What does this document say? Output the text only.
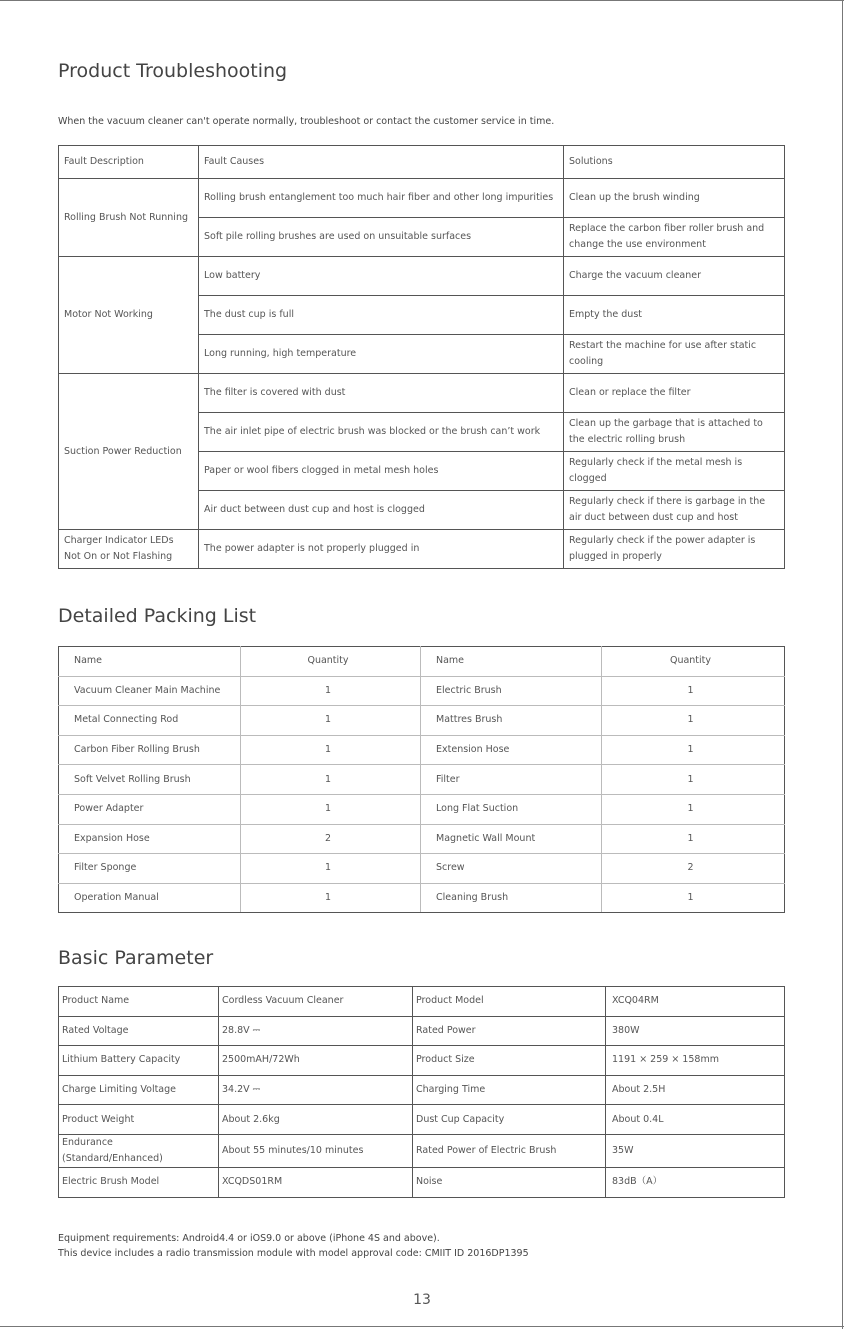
Product Troubleshooting
When the vacuum cleaner can't operate normally, troubleshoot or contact the customer service in time.
Fault Description	Fault Causes	Solutions
Rolling Brush Not Running	Rolling brush entanglement too much hair fiber and other long impurities	Clean up the brush winding
	Soft pile rolling brushes are used on unsuitable surfaces	Replace the carbon fiber roller brush and change the use environment
Motor Not Working	Low battery	Charge the vacuum cleaner
	The dust cup is full	Empty the dust
	Long running, high temperature	Restart the machine for use after static cooling
Suction Power Reduction	The filter is covered with dust	Clean or replace the filter
	The air inlet pipe of electric brush was blocked or the brush can’t work	Clean up the garbage that is attached to the electric rolling brush
	Paper or wool fibers clogged in metal mesh holes	Regularly check if the metal mesh is clogged
	Air duct between dust cup and host is clogged	Regularly check if there is garbage in the air duct between dust cup and host
Charger Indicator LEDs Not On or Not Flashing	The power adapter is not properly plugged in	Regularly check if the power adapter is plugged in properly
Detailed Packing List
Name	Quantity	Name	Quantity
Vacuum Cleaner Main Machine	1	Electric Brush	1
Metal Connecting Rod	1	Mattres Brush	1
Carbon Fiber Rolling Brush	1	Extension Hose	1
Soft Velvet Rolling Brush	1	Filter	1
Power Adapter	1	Long Flat Suction	1
Expansion Hose	2	Magnetic Wall Mount	1
Filter Sponge	1	Screw	2
Operation Manual	1	Cleaning Brush	1
Basic Parameter
Product Name	Cordless Vacuum Cleaner	Product Model	XCQ04RM
Rated Voltage	28.8V ⎓	Rated Power	380W
Lithium Battery Capacity	2500mAH/72Wh	Product Size	1191 × 259 × 158mm
Charge Limiting Voltage	34.2V ⎓	Charging Time	About 2.5H
Product Weight	About 2.6kg	Dust Cup Capacity	About 0.4L
Endurance (Standard/Enhanced)	About 55 minutes/10 minutes	Rated Power of Electric Brush	35W
Electric Brush Model	XCQDS01RM	Noise	83dB（A）
Equipment requirements: Android4.4 or iOS9.0 or above (iPhone 4S and above).
This device includes a radio transmission module with model approval code: CMIIT ID 2016DP1395
13
